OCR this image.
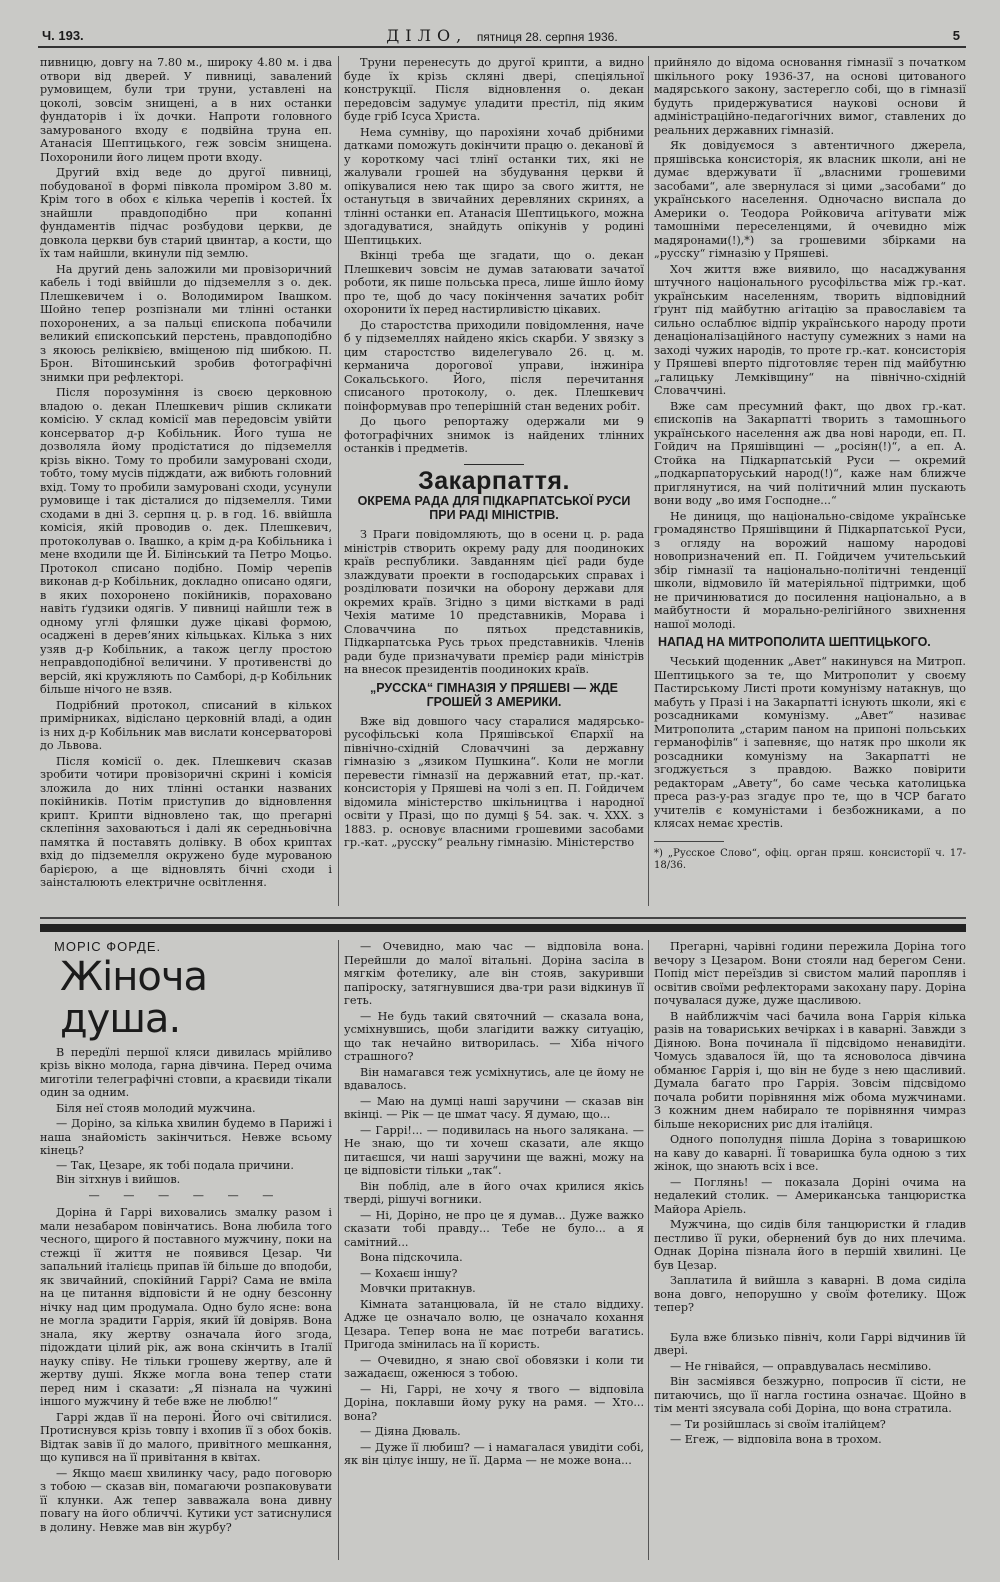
Ч. 193.	ДІЛО, пятниця 28. серпня 1936.	5

пивницю, довгу на 7.80 м., широку 4.80 м. і два отвори від дверей. У пивниці, завалений румовищем, були три труни, уставлені на цоколі, зовсім знищені, а в них останки фундаторів і їх дочки. Напроти головного замурованого входу є подвійна труна еп. Атанасія Шептицького, геж зовсім знищена. Похоронили його лицем проти входу.

Другий вхід веде до другої пивниці, побудованої в формі півкола проміром 3.80 м. Крім того в обох є кілька черепів і костей. Їх знайшли правдоподібно при копанні фундаментів підчас розбудови церкви, де довкола церкви був старий цвинтар, а кости, що їх там найшли, вкинули під землю.

На другий день заложили ми провізоричний кабель і тоді ввійшли до підземелля з о. дек. Плешкевичем і о. Володимиром Івашком. Шойно тепер розпізнали ми тлінні останки похоронених, а за пальці єпископа побачили великий єпископський перстень, правдоподібно з якоюсь реліквією, вміщеною під шибкою. П. Брон. Вітошинський зробив фотографічні знимки при рефлекторі.

Після порозуміння із своєю церковною владою о. декан Плешкевич рішив скликати комісію. У склад комісії мав передовсім увійти консерватор д-р Кобільник. Його туша не дозволяла йому продістатися до підземелля крізь вікно. Тому то пробили замуровані сходи, тобто, тому мусів підждати, аж вибють головний вхід. Тому то пробили замуровані сходи, усунули румовище і так дісталися до підземелля. Тими сходами в дні 3. серпня ц. р. в год. 16. ввійшла комісія, якій проводив о. дек. Плешкевич, протоколував о. Івашко, а крім д-ра Кобільника і мене входили ще Й. Білінський та Петро Моцьо. Протокол списано подібно. Помір черепів виконав д-р Кобільник, докладно описано одяги, в яких похоронено покійників, пораховано навіть ґудзики одягів. У пивниці найшли теж в одному углі фляшки дуже цікаві формою, осаджені в дерев’яних кільцьках. Кілька з них узяв д-р Кобільник, а також цеглу простою неправдоподібної величини. У противенстві до версій, які кружляють по Самборі, д-р Кобільник більше нічого не взяв.

Подрібний протокол, списаний в кількох примірниках, відіслано церковній владі, а один із них д-р Кобільник мав вислати консерваторові до Львова.

Після комісії о. дек. Плешкевич сказав зробити чотири провізоричні скрині і комісія зложила до них тлінні останки названих покійників. Потім приступив до відновлення крипт. Крипти відновлено так, що прегарні склепіння заховаються і далі як середньовічна памятка й поставять долівку. В обох криптах вхід до підземелля окружено буде мурованою барієрою, а ще відновлять бічні сходи і заінсталюють електричне освітлення.

Труни перенесуть до другої крипти, а видно буде їх крізь скляні двері, спеціяльної конструкції. Після відновлення о. декан передовсім задумує уладити престіл, під яким буде гріб Ісуса Христа.

Нема сумніву, що парохіяни хочаб дрібними датками поможуть докінчити працю о. декановї й у короткому часі тлінї останки тих, які не жалували грошей на збудування церкви й опікувалися нею так щиро за свого життя, не останутьця в звичайних деревляних скринях, а тлінні останки еп. Атанасія Шептицького, можна здогадуватися, знайдуть опікунів у родині Шептицьких.

Вкінці треба ще згадати, що о. декан Плешкевич зовсім не думав затаювати зачатої роботи, як пише польська преса, лише йшло йому про те, щоб до часу покінчення зачатих робіт охоронити їх перед настирливістю цікавих.

До старостства приходили повідомлення, наче б у підземеллях найдено якісь скарби. У звязку з цим старостство виделегувало 26. ц. м. керманича дорогової управи, інжиніра Сокальського. Його, після перечитання списаного протоколу, о. дек. Плешкевич поінформував про теперішній стан ведених робіт.

До цього репортажу одержали ми 9 фотографічних знимок із найдених тлінних останків і предметів.

Закарпаття.
ОКРЕМА РАДА ДЛЯ ПІДКАРПАТСЬКОЇ РУСИ ПРИ РАДІ МІНІСТРІВ.

З Праги повідомляють, що в осени ц. р. рада міністрів створить окрему раду для поодиноких країв республики. Завданням цієї ради буде злаждувати проекти в господарських справах і розділювати позички на оборону держави для окремих країв. Згідно з цими вістками в раді Чехія матиме 10 представників, Морава і Словаччина по пятьох представників, Підкарпатська Русь трьох представників. Членів ради буде призначувати премієр ради міністрів на внесок президентів поодиноких країв.

„РУССКА“ ГІМНАЗІЯ У ПРЯШЕВІ — ЖДЕ ГРОШЕЙ З АМЕРИКИ.

Вже від довшого часу старалися мадярсько-русофільські кола Пряшівської Єпархії на північно-східній Словаччині за державну гімназію з „язиком Пушкина“. Коли не могли перевести гімназії на державний етат, пр.-кат. консисторія у Пряшеві на чолі з еп. П. Гойдичем відомила міністерство шкільництва і народної освіти у Празі, що по думці § 54. зак. ч. XXX. з 1883. р. основує власними грошевими засобами гр.-кат. „русску“ реальну гімназію. Міністерство

прийняло до відома основання гімназії з початком шкільного року 1936-37, на основі цитованого мадярського закону, застерегло собі, що в гімназії будуть придержуватися наукові основи й адміністраційно-педагогічних вимог, ставлених до реальних державних гімназій.

Як довідуємося з автентичного джерела, пряшівська консисторія, як власник школи, ані не думає вдержувати її „власними грошевими засобами“, але звернулася зі цими „засобами“ до українського населення. Одночасно виспала до Америки о. Теодора Ройковича агітувати між тамошніми переселенцями, й очевидно між мадяронами(!),*) за грошевими збірками на „русску“ гімназію у Пряшеві.

Хоч життя вже виявило, що насаджування штучного національного русофільства між гр.-кат. українським населенням, творить відповідний ґрунт під майбутню агітацію за православієм та сильно ослаблює відпір українського народу проти денаціоналізаційного наступу сумежних з нами на заході чужих народів, то проте гр.-кат. консисторія у Пряшеві вперто підготовляє терен під майбутню „галицьку Лемківщину“ на північно-східній Словаччині.

Вже сам пресумний факт, що двох гр.-кат. єпископів на Закарпатті творить з тамошнього українського населення аж два нові народи, еп. П. Гойдич на Пряшівщині — „росіян(!)“, а еп. А. Стойка на Підкарпатській Руси — окремий „подкарпаторуський народ(!)“, каже нам ближче приглянутися, на чий політичний млин пускають вони воду „во имя Господне...“

Не диниця, що національно-свідоме українське громадянство Пряшівщини й Підкарпатської Руси, з огляду на ворожий нашому народові новопризначений еп. П. Гойдичем учительський збір гімназії та національно-політичні тенденції школи, відмовило їй матеріяльної підтримки, щоб не причинюватися до посилення національно, а в майбутности й морально-релігійного звихнення нашої молоді.

НАПАД НА МИТРОПОЛИТА ШЕПТИЦЬКОГО.

Чеський щоденник „Авет“ накинувся на Митроп. Шептицького за те, що Митрополит у своєму Пастирському Листі проти комунізму натакнув, що мабуть у Празі і на Закарпатті існують школи, які є розсадниками комунізму. „Авет“ називає Митрополита „старим паном на припоні польських германофілів“ і запевняє, що натяк про школи як розсадники комунізму на Закарпатті не згоджується з правдою. Важко повірити редакторам „Авету“, бо саме чеська католицька преса раз-у-раз згадує про те, що в ЧСР багато учителів є комуністами і безбожниками, а по клясах немає хрестів.

*) „Русское Слово“, офіц. орган пряш. консисторії ч. 17-18/36.
МОРІС ФОРДЕ.
Жіноча душа.

В передїлі першої кляси дивилась мрійливо крізь вікно молода, гарна дівчина. Перед очима миготіли телеграфічні стовпи, а краєвиди тікали один за одним.

Біля неї стояв молодий мужчина.

— Доріно, за кілька хвилин будемо в Парижі і наша знайомість закінчиться. Невже всьому кінець?

— Так, Цезаре, як тобі подала причини.

Він зітхнув і вийшов.

— — — — — —

Доріна й Гаррі виховались змалку разом і мали незабаром повінчатись. Вона любила того чесного, щирого й поставного мужчину, поки на стежці її життя не появився Цезар. Чи запальний італієць припав їй більше до вподоби, як звичайний, спокійний Гаррі? Сама не вміла на це питання відповісти й не одну безсонну нічку над цим продумала. Одно було ясне: вона не могла зрадити Гаррія, який їй довіряв. Вона знала, яку жертву означала його згода, підождати цілий рік, аж вона скінчить в Італії науку співу. Не тільки грошеву жертву, але й жертву душі. Якже могла вона тепер стати перед ним і сказати: „Я пізнала на чужині іншого мужчину й тебе вже не люблю!“

Гаррі ждав її на пероні. Його очі світилися. Протиснувся крізь товпу і вхопив її з обох боків. Відтак завів її до малого, привітного мешкання, що купився на її привітання в квітах.

— Якщо маєш хвилинку часу, радо поговорю з тобою — сказав він, помагаючи розпаковувати її клунки. Аж тепер завважала вона дивну повагу на його обличчі. Кутики уст затиснулися в долину. Невже мав він журбу?

— Очевидно, маю час — відповіла вона. Перейшли до малої вітальні. Доріна засіла в мягкім фотелику, але він стояв, закуривши папіроску, затягнувшися два-три рази відкинув її геть.

— Не будь такий святочний — сказала вона, усміхнувшись, щоби злагідити важку ситуацію, що так нечайно витворилась. — Хіба нічого страшного?

Він намагався теж усміхнутись, але це йому не вдавалось.

— Маю на думці наші заручини — сказав він вкінці. — Рік — це шмат часу. Я думаю, що...

— Гаррі!... — подивилась на нього заляканa. — Не знаю, що ти хочеш сказати, але якщо питаєшся, чи наші заручини ще важні, можу на це відповісти тільки „так“.

Він поблід, але в його очах крилися якісь тверді, рішучі вогники.

— Ні, Доріно, не про це я думав... Дуже важко сказати тобі правду... Тебе не було... а я самітний...

Вона підскочила.

— Кохаєш іншу?

Мовчки притакнув.

Кімната затанцювала, їй не стало віддиху. Адже це означало волю, це означало кохання Цезара. Тепер вона не має потреби вагатись. Пригода змінилась на її користь.

— Очевидно, я знаю свої обовязки і коли ти зажадаєш, оженюся з тобою.

— Ні, Гаррі, не хочу я твого — відповіла Доріна, поклавши йому руку на рамя. — Хто... вона?

— Діяна Дюваль.

— Дуже її любиш? — і намагалася увидіти собі, як він цілує іншу, не її. Дарма — не може вона...

Прегарні, чарівні години пережила Доріна того вечору з Цезаром. Вони стояли над берегом Сени. Попід міст переїздив зі свистом малий паропляв і освітив своїми рефлекторами закохану пару. Доріна почувалася дуже, дуже щасливою.

В найближчім часі бачила вона Гаррія кілька разів на товариських вечірках і в каварні. Завжди з Діяною. Вона починала її підсвідомо ненавидіти. Чомусь здавалося їй, що та ясноволоса дівчина обманює Гаррія і, що він не буде з нею щасливий. Думала багато про Гаррія. Зовсім підсвідомо почала робити порівняння між обома мужчинами. З кожним днем набирало те порівняння чимраз більше некорисних рис для італійця.

Одного пополудня пішла Доріна з товаришкою на каву до каварні. Її товаришка була одною з тих жінок, що знають всіх і все.

— Поглянь! — показала Доріні очима на недалекий столик. — Американська танцюристка Майора Аріель.

Мужчина, що сидів біля танцюристки й гладив пестливо її руки, обернений був до них плечима. Однак Доріна пізнала його в першій хвилині. Це був Цезар.

Заплатила й вийшла з каварні. В дома сиділа вона довго, непорушно у своїм фотелику. Щож тепер?

Була вже близько північ, коли Гаррі відчинив їй двері.

— Не гнівайся, — оправдувалась несміливо.

Він засміявся безжурно, попросив її сісти, не питаючись, що її нагла гостина означає. Щойно в тім менті зясувала собі Доріна, що вона стратила.

— Ти розійшлась зі своїм італійцем?

— Егеж, — відповіла вона в трохом.
